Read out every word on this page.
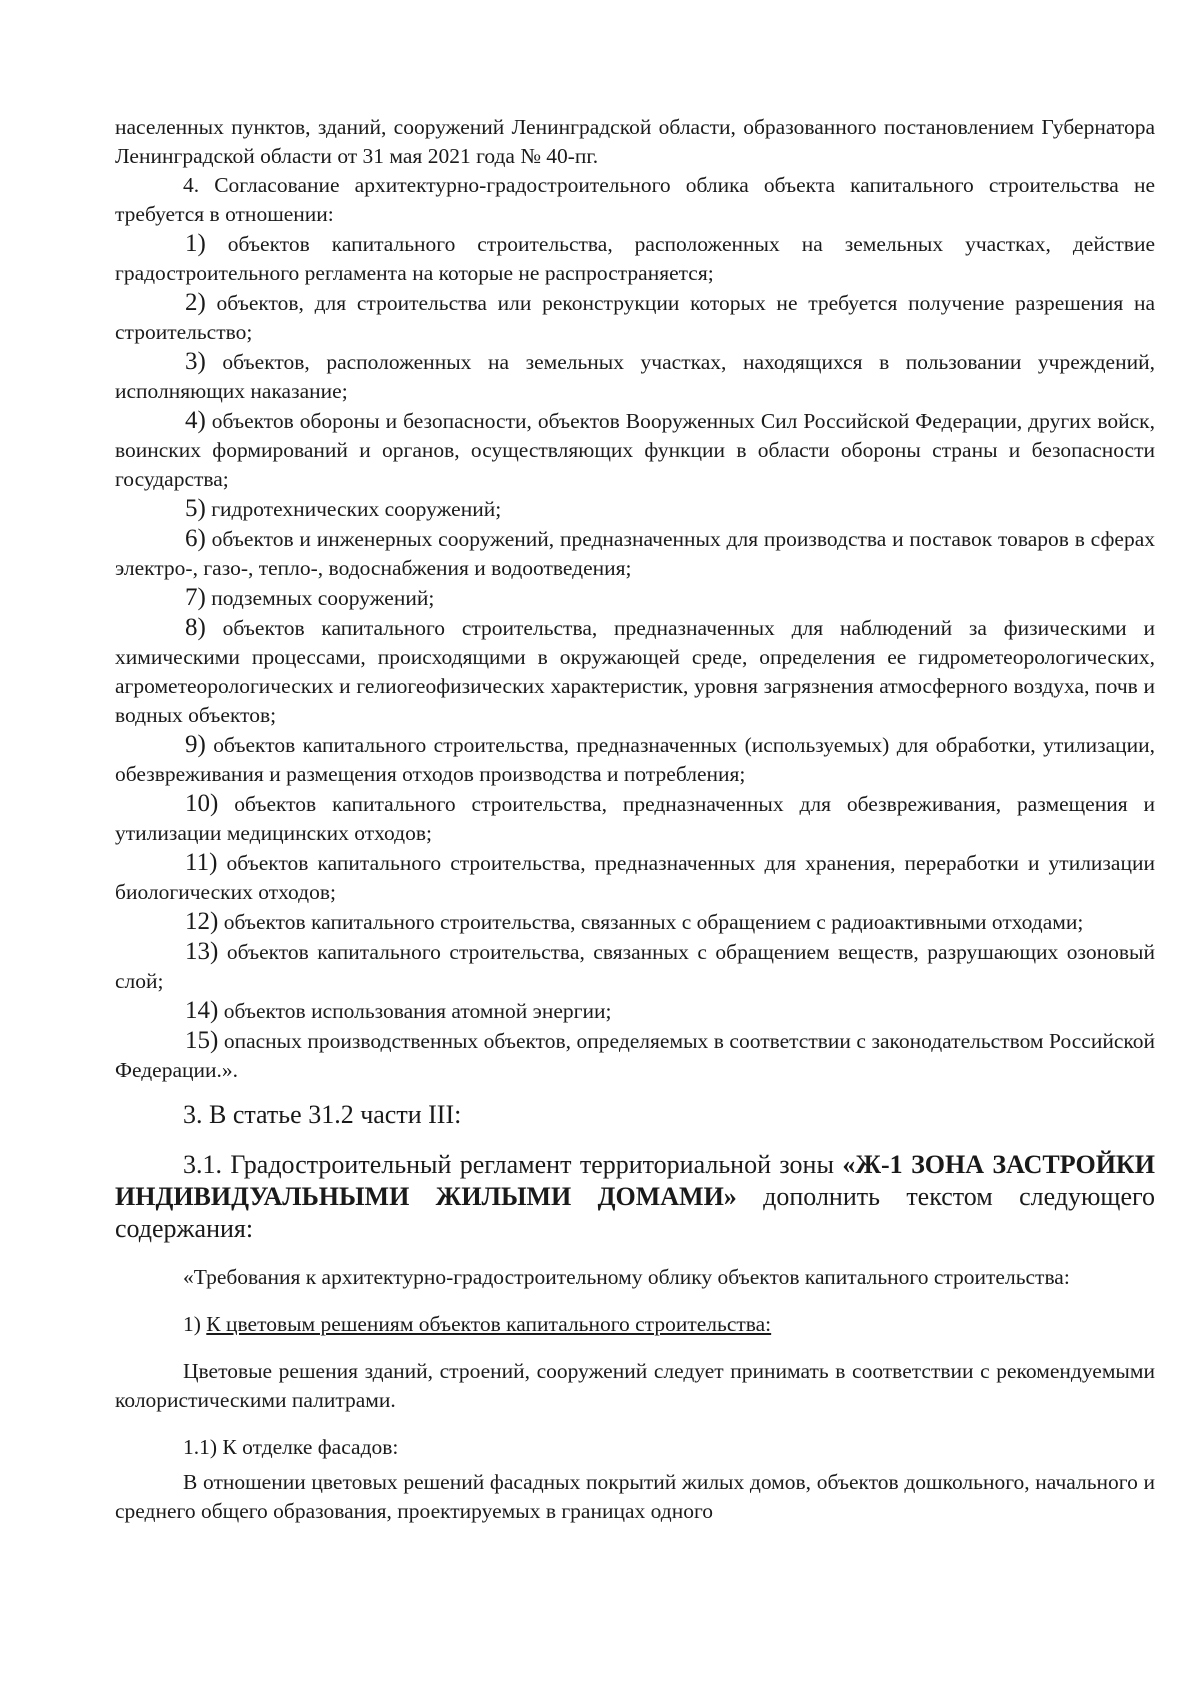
населенных пунктов, зданий, сооружений Ленинградской области, образованного постановлением Губернатора Ленинградской области от 31 мая 2021 года № 40-пг.

4. Согласование архитектурно-градостроительного облика объекта капитального строительства не требуется в отношении:

1) объектов капитального строительства, расположенных на земельных участках, действие градостроительного регламента на которые не распространяется;

2) объектов, для строительства или реконструкции которых не требуется получение разрешения на строительство;

3) объектов, расположенных на земельных участках, находящихся в пользовании учреждений, исполняющих наказание;

4) объектов обороны и безопасности, объектов Вооруженных Сил Российской Федерации, других войск, воинских формирований и органов, осуществляющих функции в области обороны страны и безопасности государства;

5) гидротехнических сооружений;

6) объектов и инженерных сооружений, предназначенных для производства и поставок товаров в сферах электро-, газо-, тепло-, водоснабжения и водоотведения;

7) подземных сооружений;

8) объектов капитального строительства, предназначенных для наблюдений за физическими и химическими процессами, происходящими в окружающей среде, определения ее гидрометеорологических, агрометеорологических и гелиогеофизических характеристик, уровня загрязнения атмосферного воздуха, почв и водных объектов;

9) объектов капитального строительства, предназначенных (используемых) для обработки, утилизации, обезвреживания и размещения отходов производства и потребления;

10) объектов капитального строительства, предназначенных для обезвреживания, размещения и утилизации медицинских отходов;

11) объектов капитального строительства, предназначенных для хранения, переработки и утилизации биологических отходов;

12) объектов капитального строительства, связанных с обращением с радиоактивными отходами;

13) объектов капитального строительства, связанных с обращением веществ, разрушающих озоновый слой;

14) объектов использования атомной энергии;

15) опасных производственных объектов, определяемых в соответствии с законодательством Российской Федерации.».

3. В статье 31.2 части III:

3.1. Градостроительный регламент территориальной зоны «Ж-1 ЗОНА ЗАСТРОЙКИ ИНДИВИДУАЛЬНЫМИ ЖИЛЫМИ ДОМАМИ» дополнить текстом следующего содержания:

«Требования к архитектурно-градостроительному облику объектов капитального строительства:

1) К цветовым решениям объектов капитального строительства:

Цветовые решения зданий, строений, сооружений следует принимать в соответствии с рекомендуемыми колористическими палитрами.

1.1) К отделке фасадов:

В отношении цветовых решений фасадных покрытий жилых домов, объектов дошкольного, начального и среднего общего образования, проектируемых в границах одного
